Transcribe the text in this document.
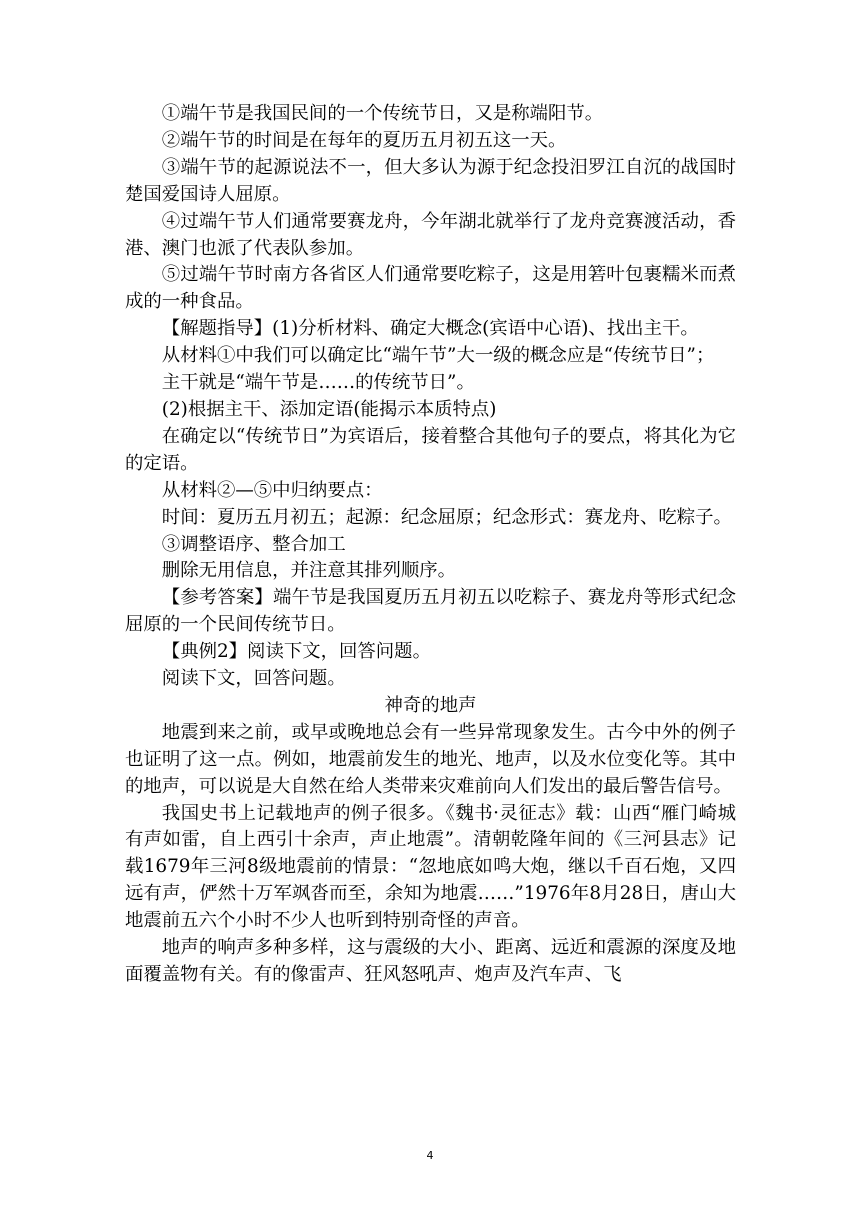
①端午节是我国民间的一个传统节日，又是称端阳节。

②端午节的时间是在每年的夏历五月初五这一天。

③端午节的起源说法不一，但大多认为源于纪念投汨罗江自沉的战国时楚国爱国诗人屈原。

④过端午节人们通常要赛龙舟，今年湖北就举行了龙舟竞赛渡活动，香港、澳门也派了代表队参加。

⑤过端午节时南方各省区人们通常要吃粽子，这是用箬叶包裹糯米而煮成的一种食品。

【解题指导】(1)分析材料、确定大概念(宾语中心语)、找出主干。

从材料①中我们可以确定比“端午节”大一级的概念应是“传统节日”；

主干就是“端午节是……的传统节日”。

(2)根据主干、添加定语(能揭示本质特点)

在确定以“传统节日”为宾语后，接着整合其他句子的要点，将其化为它的定语。

从材料②—⑤中归纳要点：

时间：夏历五月初五；起源：纪念屈原；纪念形式：赛龙舟、吃粽子。

③调整语序、整合加工

删除无用信息，并注意其排列顺序。

【参考答案】端午节是我国夏历五月初五以吃粽子、赛龙舟等形式纪念屈原的一个民间传统节日。

【典例2】阅读下文，回答问题。

阅读下文，回答问题。

神奇的地声

地震到来之前，或早或晚地总会有一些异常现象发生。古今中外的例子也证明了这一点。例如，地震前发生的地光、地声，以及水位变化等。其中的地声，可以说是大自然在给人类带来灾难前向人们发出的最后警告信号。

我国史书上记载地声的例子很多。《魏书·灵征志》载：山西“雁门崎城有声如雷，自上西引十余声，声止地震”。清朝乾隆年间的《三河县志》记载1679年三河8级地震前的情景：“忽地底如鸣大炮，继以千百石炮，又四远有声，俨然十万军飒沓而至，余知为地震……”1976年8月28日，唐山大地震前五六个小时不少人也听到特别奇怪的声音。

地声的响声多种多样，这与震级的大小、距离、远近和震源的深度及地面覆盖物有关。有的像雷声、狂风怒吼声、炮声及汽车声、飞

4
